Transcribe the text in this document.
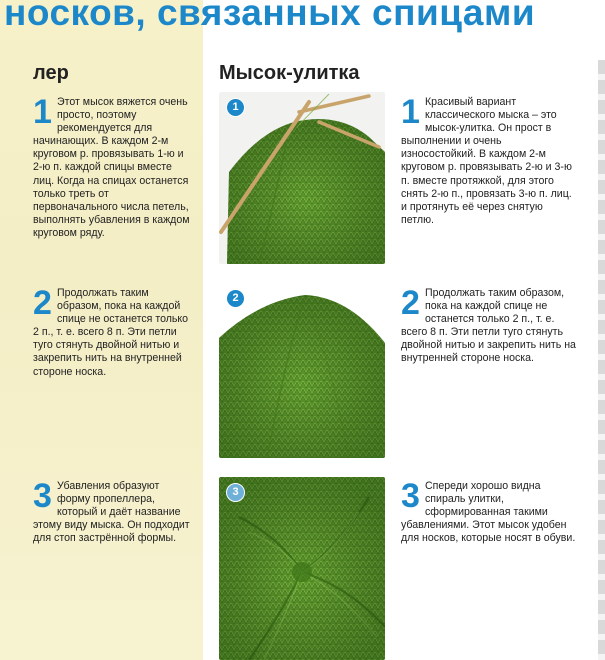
носков, связанных спицами
лер	Мысок-улитка
1 Этот мысок вяжется очень просто, поэтому рекомендуется для начинающих. В каждом 2-м круговом р. провязывать 1-ю и 2-ю п. каждой спицы вместе лиц. Когда на спицах останется только треть от первоначального числа петель, выполнять убавления в каждом круговом ряду.
2 Продолжать таким образом, пока на каждой спице не останется только 2 п., т. е. всего 8 п. Эти петли туго стянуть двойной нитью и закрепить нить на внутренней стороне носка.
3 Убавления образуют форму пропеллера, который и даёт название этому виду мыска. Он подходит для стоп застрённой формы.
1
2
3
1 Красивый вариант классического мыска – это мысок-улитка. Он прост в выполнении и очень износостойкий. В каждом 2-м круговом р. провязывать 2-ю и 3-ю п. вместе протяжкой, для этого снять 2-ю п., провязать 3-ю п. лиц. и протянуть её через снятую петлю.
2 Продолжать таким образом, пока на каждой спице не останется только 2 п., т. е. всего 8 п. Эти петли туго стянуть двойной нитью и закрепить нить на внутренней стороне носка.
3 Спереди хорошо видна спираль улитки, сформированная такими убавлениями. Этот мысок удобен для носков, которые носят в обуви.
